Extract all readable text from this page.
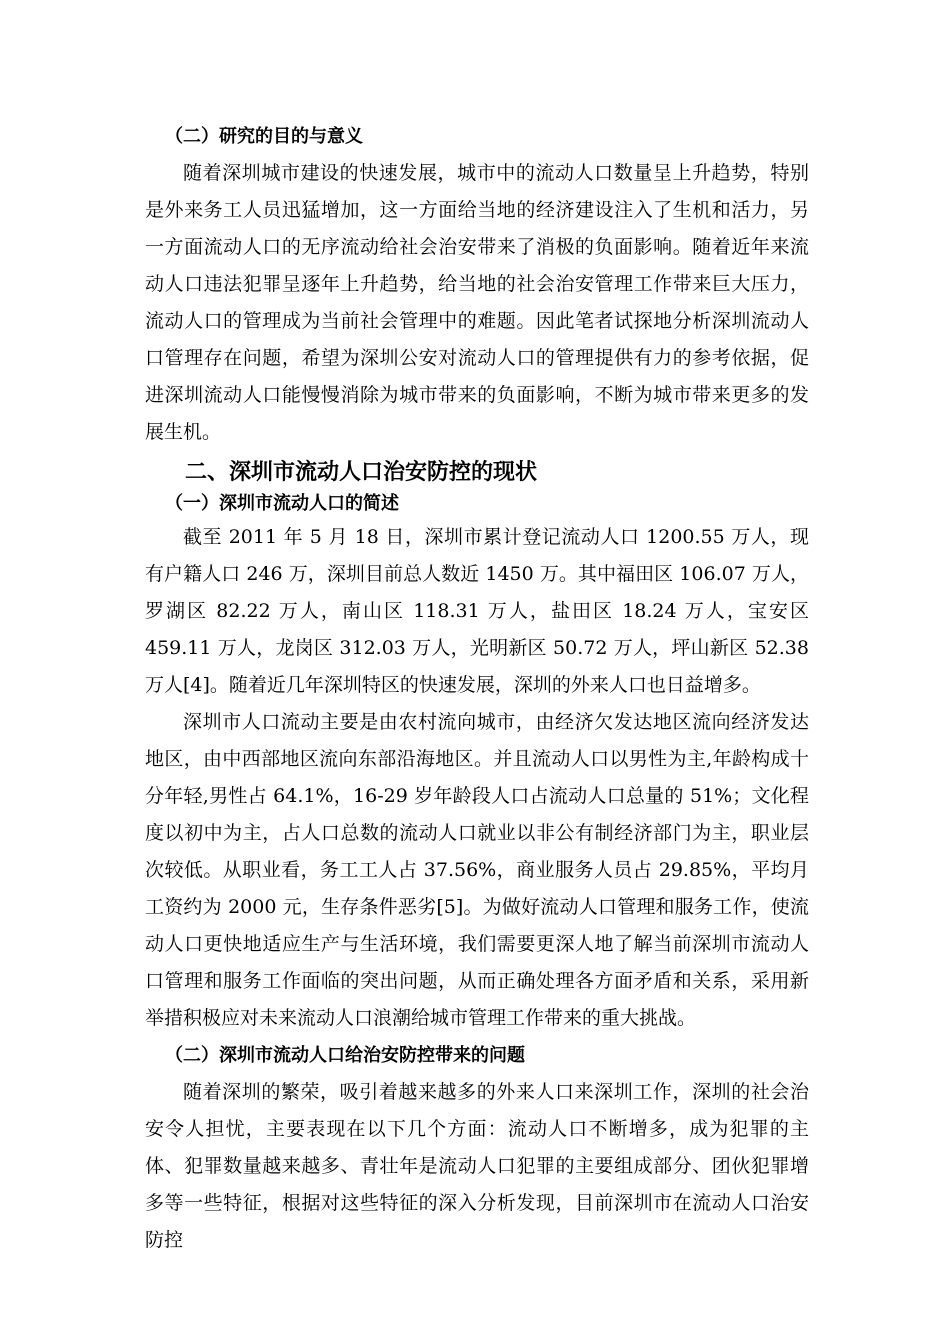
（二）研究的目的与意义

随着深圳城市建设的快速发展，城市中的流动人口数量呈上升趋势，特别是外来务工人员迅猛增加，这一方面给当地的经济建设注入了生机和活力，另一方面流动人口的无序流动给社会治安带来了消极的负面影响。随着近年来流动人口违法犯罪呈逐年上升趋势，给当地的社会治安管理工作带来巨大压力，流动人口的管理成为当前社会管理中的难题。因此笔者试探地分析深圳流动人口管理存在问题，希望为深圳公安对流动人口的管理提供有力的参考依据，促进深圳流动人口能慢慢消除为城市带来的负面影响，不断为城市带来更多的发展生机。

二、深圳市流动人口治安防控的现状

（一）深圳市流动人口的简述

截至 2011 年 5 月 18 日，深圳市累计登记流动人口 1200.55 万人，现有户籍人口 246 万，深圳目前总人数近 1450 万。其中福田区 106.07 万人，罗湖区 82.22 万人，南山区 118.31 万人，盐田区 18.24 万人，宝安区 459.11 万人，龙岗区 312.03 万人，光明新区 50.72 万人，坪山新区 52.38 万人[4]。随着近几年深圳特区的快速发展，深圳的外来人口也日益增多。

深圳市人口流动主要是由农村流向城市，由经济欠发达地区流向经济发达地区，由中西部地区流向东部沿海地区。并且流动人口以男性为主,年龄构成十分年轻,男性占 64.1%，16-29 岁年龄段人口占流动人口总量的 51%；文化程度以初中为主，占人口总数的流动人口就业以非公有制经济部门为主，职业层次较低。从职业看，务工工人占 37.56%，商业服务人员占 29.85%，平均月工资约为 2000 元，生存条件恶劣[5]。为做好流动人口管理和服务工作，使流动人口更快地适应生产与生活环境，我们需要更深人地了解当前深圳市流动人口管理和服务工作面临的突出问题，从而正确处理各方面矛盾和关系，采用新举措积极应对未来流动人口浪潮给城市管理工作带来的重大挑战。

（二）深圳市流动人口给治安防控带来的问题

随着深圳的繁荣，吸引着越来越多的外来人口来深圳工作，深圳的社会治安令人担忧，主要表现在以下几个方面：流动人口不断增多，成为犯罪的主体、犯罪数量越来越多、青壮年是流动人口犯罪的主要组成部分、团伙犯罪增多等一些特征，根据对这些特征的深入分析发现，目前深圳市在流动人口治安防控
